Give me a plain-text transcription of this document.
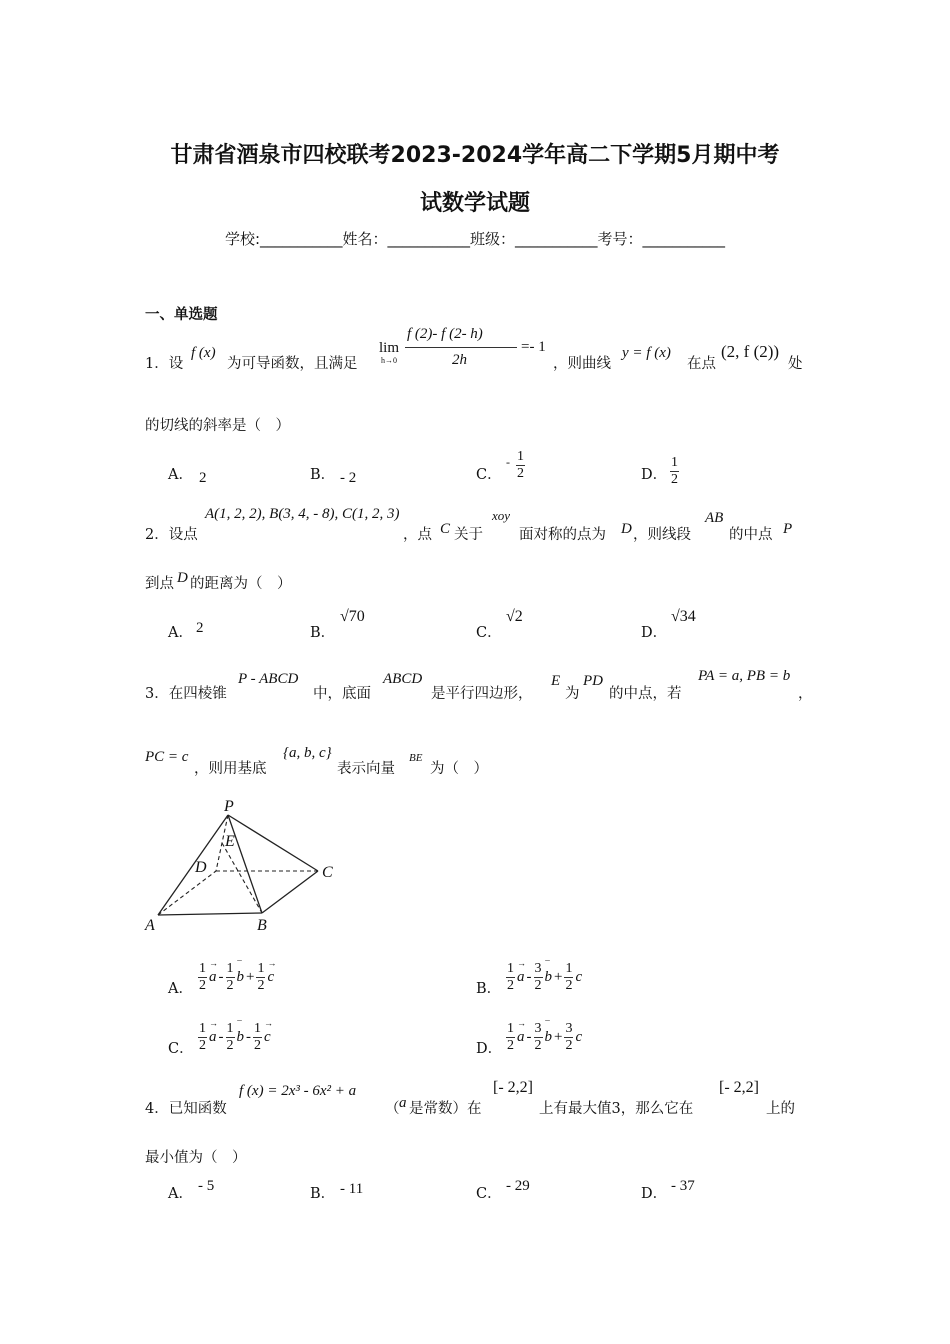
甘肃省酒泉市四校联考2023-2024学年高二下学期5月期中考
试数学试题
学校:___________姓名：___________班级：___________考号：___________
一、单选题
1．设
f (x)
为可导函数，且满足
lim
h→0
f (2)- f (2- h)
2h
=- 1
，则曲线
y = f (x)
在点
(2, f (2))
处
的切线的斜率是（　）
A． 2	B． - 2	C．
- $\frac{1}{2}$	D． $\frac{1}{2}$
2．设点
A(1, 2, 2), B(3, 4, - 8), C(1, 2, 3)
，点 C 关于
xoy
面对称的点为 D ，则线段
AB
的中点 P
到点 D 的距离为（　）
A． 2	B．
√70
C．
√2
D．
√34
3．在四棱锥
P - ABCD
中，底面
ABCD
是平行四边形，
E
为
PD
的中点，若
PA = a, PB = b
，
PC = c
，则用基底
{a, b, c}
表示向量
BE
为（　）
P
E
D	C
A	B
A． $\frac{1}{2}$
→ a - $\frac{1}{2}$
‾ $b + \frac{1}{2}$
→ c
B． $\frac{1}{2}$
→ a - $\frac{3}{2}$
‾ $b + \frac{1}{2}$ c
C． $\frac{1}{2}$
→ a - $\frac{1}{2}$
‾ b - $\frac{1}{2}$
→ c
D． $\frac{1}{2}$
→ a - $\frac{3}{2}$
‾ $b + \frac{3}{2}$ c
4．已知函数
f (x) = 2x³ - 6x² + a
（ a 是常数）在
[- 2,2]
上有最大值3，那么它在
[- 2,2]
上的
最小值为（　）
A． - 5	B． - 11	C． - 29	D． - 37
